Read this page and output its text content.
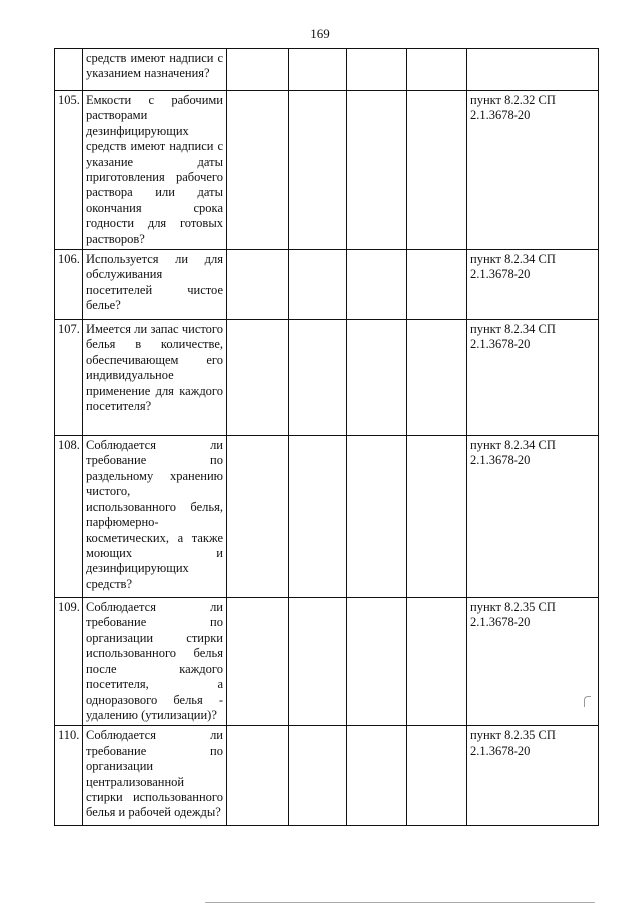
169
	средств имеют надписи с указанием назначения?					
105.	Емкости с рабочими растворами дезинфицирующих средств имеют надписи с указание даты приготовления рабочего раствора или даты окончания срока годности для готовых растворов?					пункт 8.2.32 СП 2.1.3678-20
106.	Используется ли для обслуживания посетителей чистое белье?					пункт 8.2.34 СП 2.1.3678-20
107.	Имеется ли запас чистого белья в количестве, обеспечивающем его индивидуальное применение для каждого посетителя?					пункт 8.2.34 СП 2.1.3678-20
108.	Соблюдается ли требование по раздельному хранению чистого, использованного белья, парфюмерно-косметических, а также моющих и дезинфицирующих средств?					пункт 8.2.34 СП 2.1.3678-20
109.	Соблюдается ли требование по организации стирки использованного белья после каждого посетителя, а одноразового белья - удалению (утилизации)?					пункт 8.2.35 СП 2.1.3678-20
110.	Соблюдается ли требование по организации централизованной стирки использованного белья и рабочей одежды?					пункт 8.2.35 СП 2.1.3678-20
